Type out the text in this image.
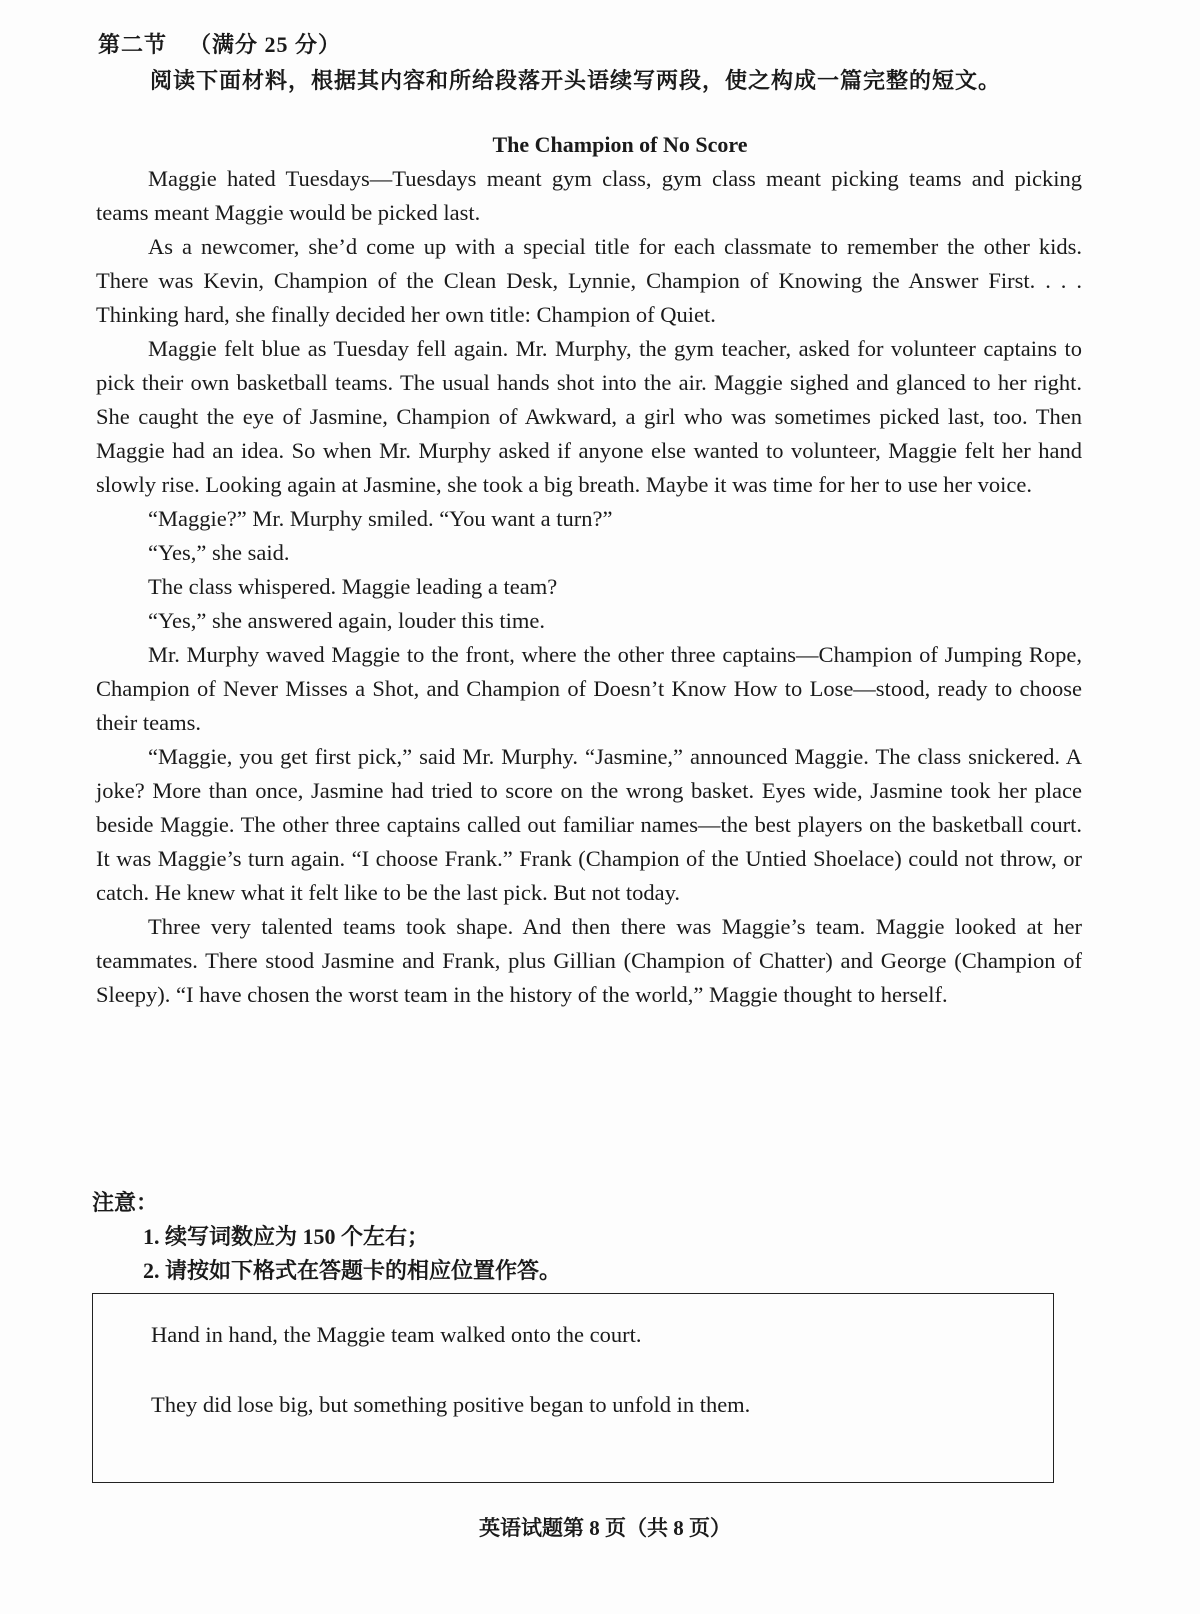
第二节 （满分 25 分）
阅读下面材料，根据其内容和所给段落开头语续写两段，使之构成一篇完整的短文。
The Champion of No Score

Maggie hated Tuesdays—Tuesdays meant gym class, gym class meant picking teams and picking teams meant Maggie would be picked last.

As a newcomer, she’d come up with a special title for each classmate to remember the other kids. There was Kevin, Champion of the Clean Desk, Lynnie, Champion of Knowing the Answer First. . . . Thinking hard, she finally decided her own title: Champion of Quiet.

Maggie felt blue as Tuesday fell again. Mr. Murphy, the gym teacher, asked for volunteer captains to pick their own basketball teams. The usual hands shot into the air. Maggie sighed and glanced to her right. She caught the eye of Jasmine, Champion of Awkward, a girl who was sometimes picked last, too. Then Maggie had an idea. So when Mr. Murphy asked if anyone else wanted to volunteer, Maggie felt her hand slowly rise. Looking again at Jasmine, she took a big breath. Maybe it was time for her to use her voice.

“Maggie?” Mr. Murphy smiled. “You want a turn?”

“Yes,” she said.

The class whispered. Maggie leading a team?

“Yes,” she answered again, louder this time.

Mr. Murphy waved Maggie to the front, where the other three captains—Champion of Jumping Rope, Champion of Never Misses a Shot, and Champion of Doesn’t Know How to Lose—stood, ready to choose their teams.

“Maggie, you get first pick,” said Mr. Murphy. “Jasmine,” announced Maggie. The class snickered. A joke? More than once, Jasmine had tried to score on the wrong basket. Eyes wide, Jasmine took her place beside Maggie. The other three captains called out familiar names—the best players on the basketball court. It was Maggie’s turn again. “I choose Frank.” Frank (Champion of the Untied Shoelace) could not throw, or catch. He knew what it felt like to be the last pick. But not today.

Three very talented teams took shape. And then there was Maggie’s team. Maggie looked at her teammates. There stood Jasmine and Frank, plus Gillian (Champion of Chatter) and George (Champion of Sleepy). “I have chosen the worst team in the history of the world,” Maggie thought to herself.

注意：
1. 续写词数应为 150 个左右；
2. 请按如下格式在答题卡的相应位置作答。
Hand in hand, the Maggie team walked onto the court.
They did lose big, but something positive began to unfold in them.
英语试题第 8 页（共 8 页）
